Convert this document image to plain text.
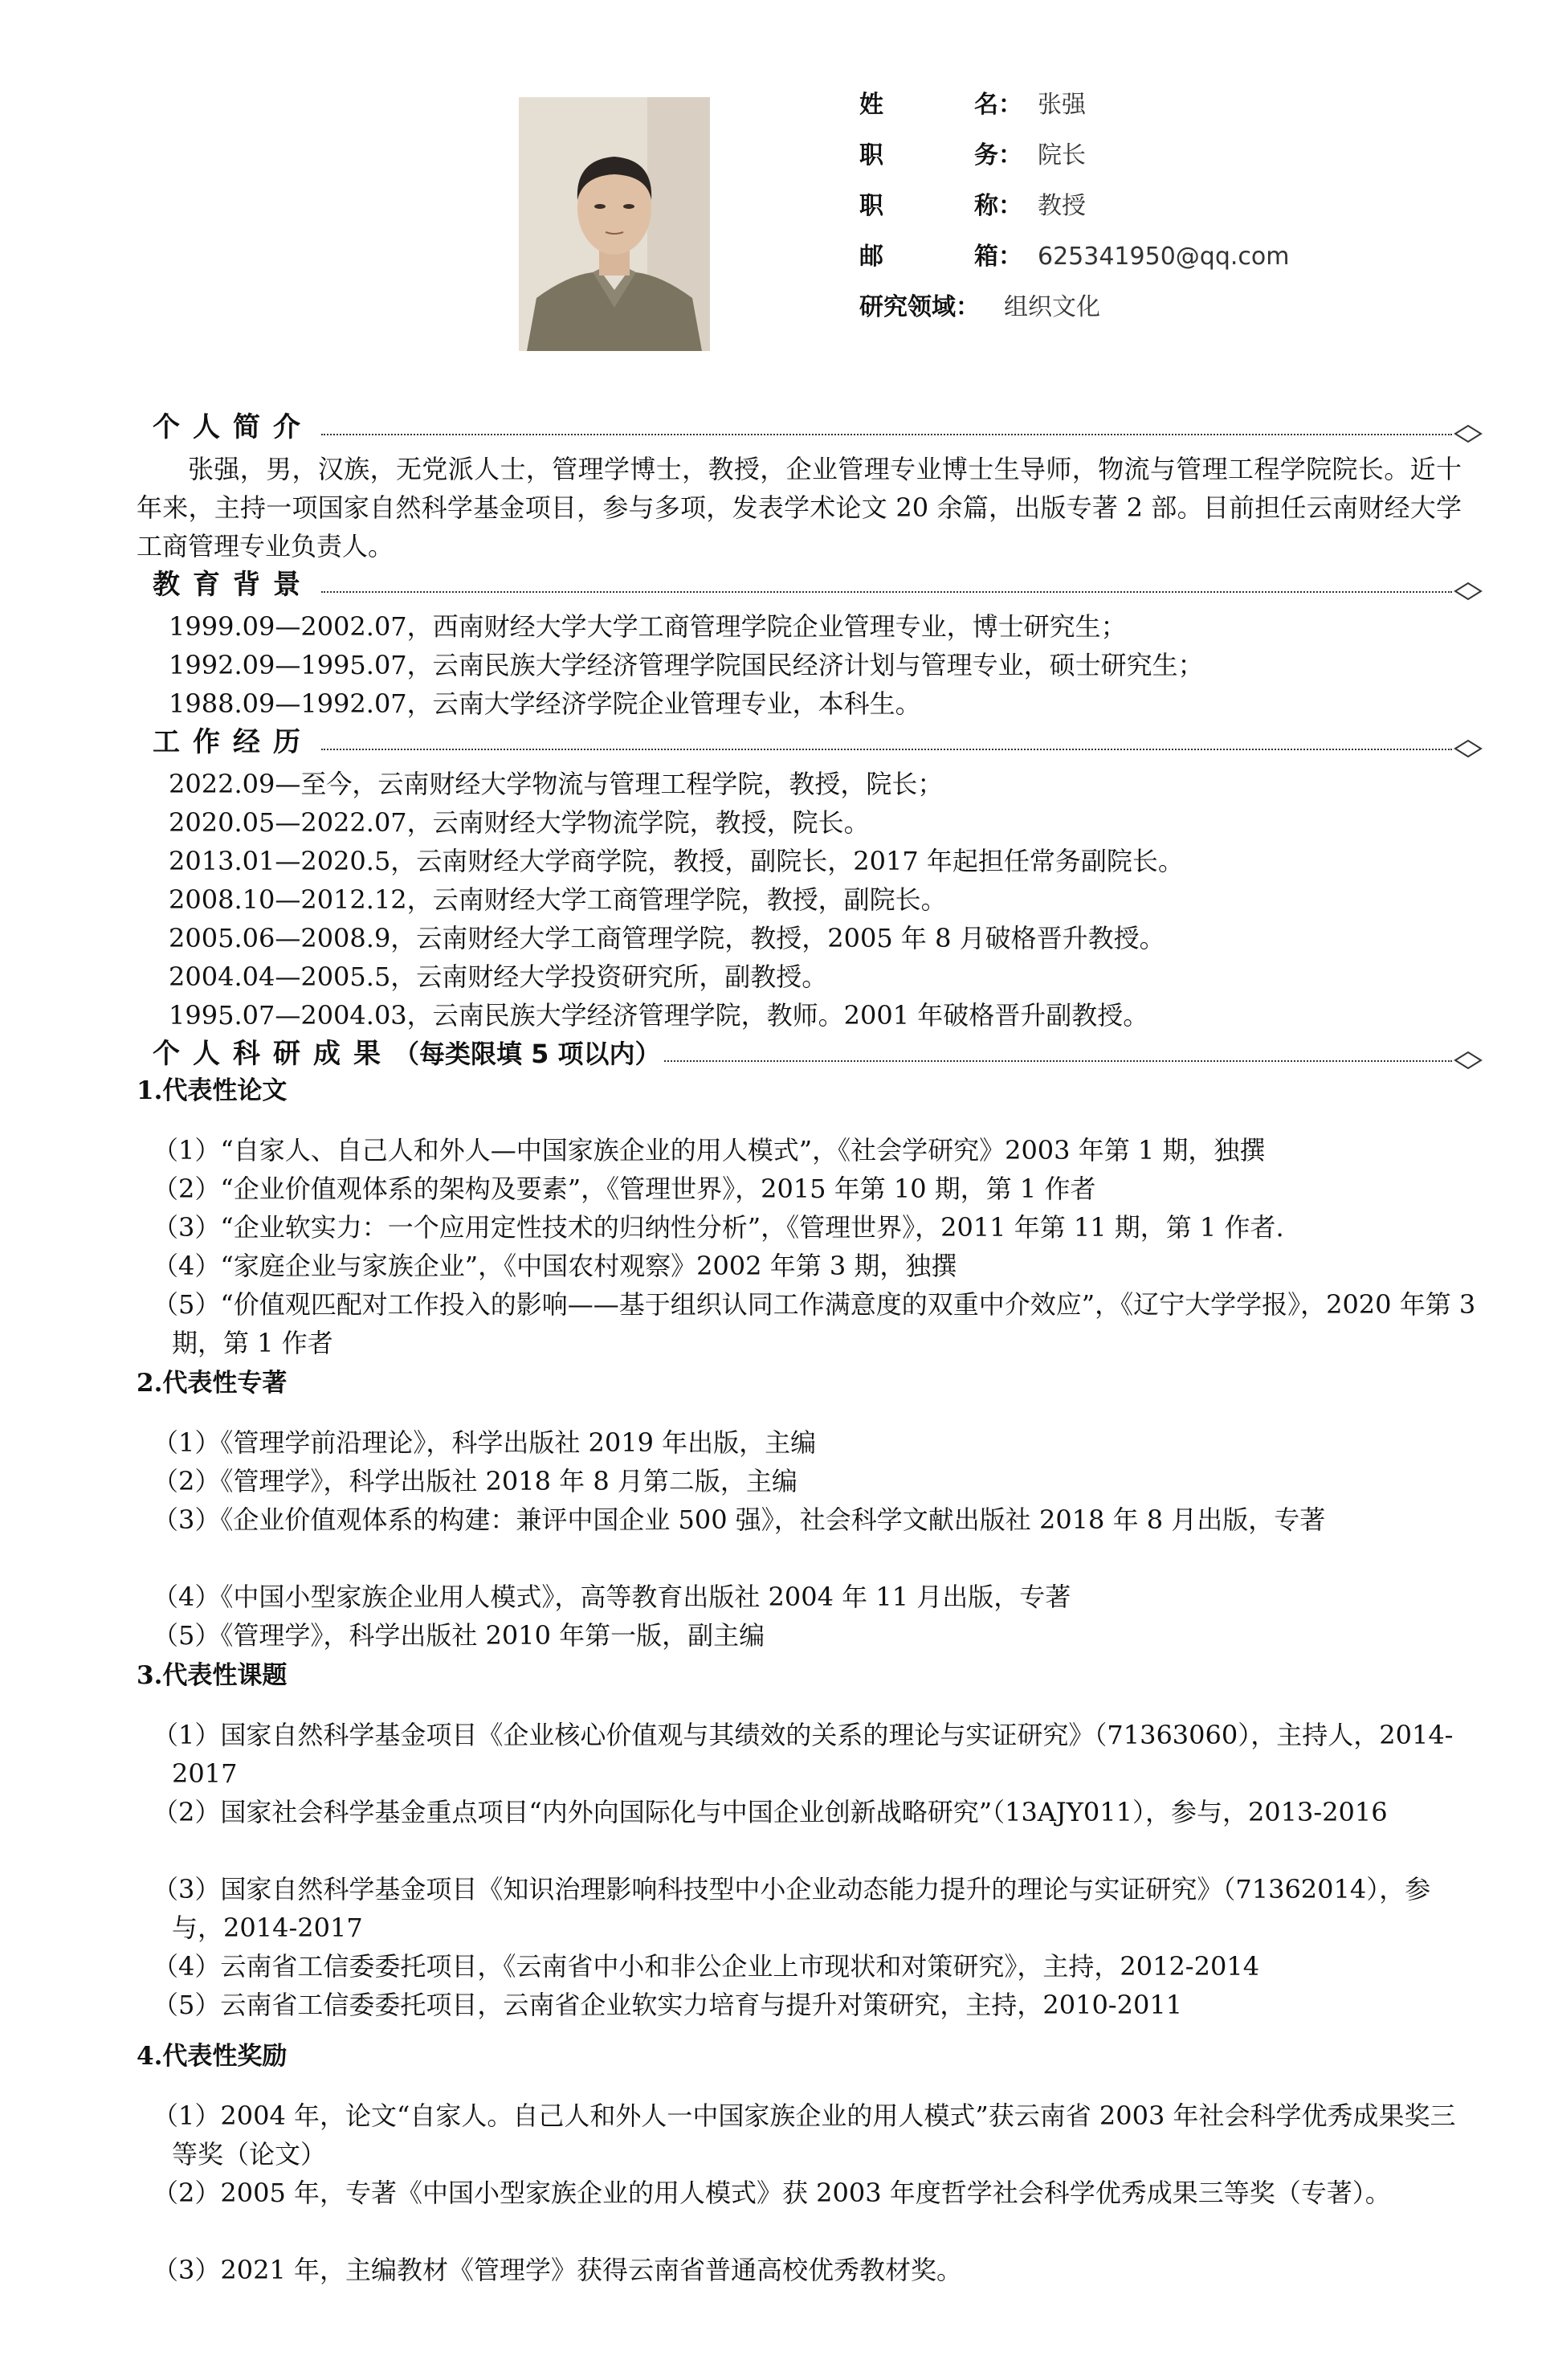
姓	名： 张强
职	务： 院长
职	称： 教授
邮	箱： 625341950@qq.com
研究领域： 组织文化
个人简介
张强，男，汉族，无党派人士，管理学博士，教授，企业管理专业博士生导师，物流与管理工程学院院长。近十年来，主持一项国家自然科学基金项目，参与多项，发表学术论文 20 余篇，出版专著 2 部。目前担任云南财经大学工商管理专业负责人。
教育背景
1999.09—2002.07，西南财经大学大学工商管理学院企业管理专业，博士研究生；
1992.09—1995.07，云南民族大学经济管理学院国民经济计划与管理专业，硕士研究生；
1988.09—1992.07，云南大学经济学院企业管理专业，本科生。
工作经历
2022.09—至今，云南财经大学物流与管理工程学院，教授，院长；
2020.05—2022.07，云南财经大学物流学院，教授，院长。
2013.01—2020.5，云南财经大学商学院，教授，副院长，2017 年起担任常务副院长。
2008.10—2012.12，云南财经大学工商管理学院，教授，副院长。
2005.06—2008.9，云南财经大学工商管理学院，教授，2005 年 8 月破格晋升教授。
2004.04—2005.5，云南财经大学投资研究所，副教授。
1995.07—2004.03，云南民族大学经济管理学院，教师。2001 年破格晋升副教授。
个人科研成果（每类限填 5 项以内）
1.代表性论文
（1）“自家人、自己人和外人—中国家族企业的用人模式”，《社会学研究》2003 年第 1 期，独撰
（2）“企业价值观体系的架构及要素”，《管理世界》，2015 年第 10 期，第 1 作者
（3）“企业软实力：一个应用定性技术的归纳性分析”，《管理世界》，2011 年第 11 期，第 1 作者.
（4）“家庭企业与家族企业”，《中国农村观察》2002 年第 3 期，独撰
（5）“价值观匹配对工作投入的影响——基于组织认同工作满意度的双重中介效应”，《辽宁大学学报》，2020 年第 3 期，第 1 作者
2.代表性专著
（1）《管理学前沿理论》，科学出版社 2019 年出版，主编
（2）《管理学》，科学出版社 2018 年 8 月第二版，主编
（3）《企业价值观体系的构建：兼评中国企业 500 强》，社会科学文献出版社 2018 年 8 月出版，专著
（4）《中国小型家族企业用人模式》，高等教育出版社 2004 年 11 月出版，专著
（5）《管理学》，科学出版社 2010 年第一版，副主编
3.代表性课题
（1）国家自然科学基金项目《企业核心价值观与其绩效的关系的理论与实证研究》（71363060），主持人，2014-2017
（2）国家社会科学基金重点项目“内外向国际化与中国企业创新战略研究”（13AJY011），参与，2013-2016
（3）国家自然科学基金项目《知识治理影响科技型中小企业动态能力提升的理论与实证研究》（71362014），参与，2014-2017
（4）云南省工信委委托项目，《云南省中小和非公企业上市现状和对策研究》，主持，2012-2014
（5）云南省工信委委托项目，云南省企业软实力培育与提升对策研究，主持，2010-2011
4.代表性奖励
（1）2004 年，论文“自家人。自己人和外人一中国家族企业的用人模式”获云南省 2003 年社会科学优秀成果奖三等奖（论文）
（2）2005 年，专著《中国小型家族企业的用人模式》获 2003 年度哲学社会科学优秀成果三等奖（专著）。
（3）2021 年，主编教材《管理学》获得云南省普通高校优秀教材奖。
